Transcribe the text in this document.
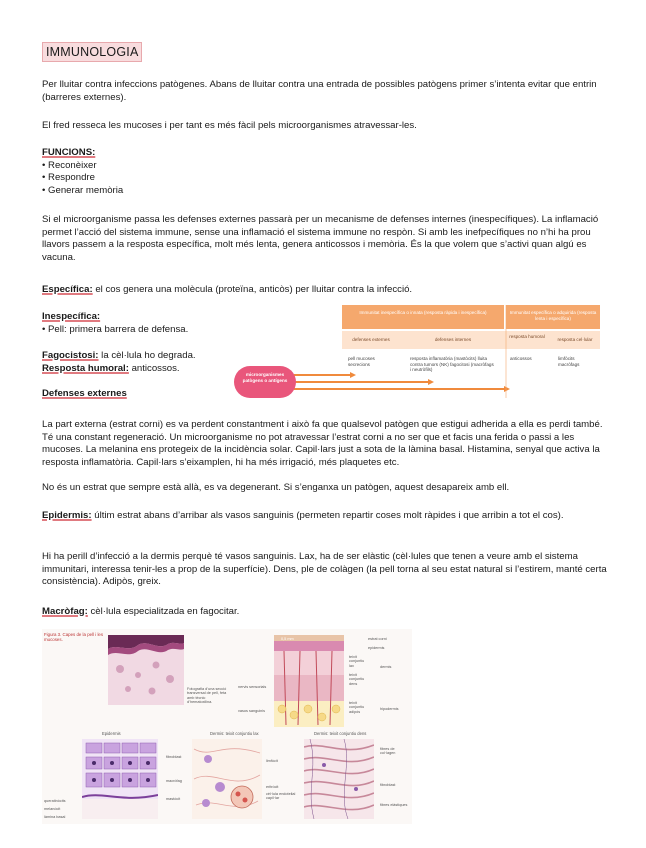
IMMUNOLOGIA

Per lluitar contra infeccions patògenes. Abans de lluitar contra una entrada de possibles patògens primer s’intenta evitar que entrin (barreres externes).

El fred resseca les mucoses i per tant es més fàcil pels microorganismes atravessar-les.

FUNCIONS:
• Reconèixer
• Respondre
• Generar memòria

Si el microorganisme passa les defenses externes passarà per un mecanisme de defenses internes (inespecífiques). La inflamació permet l’acció del sistema immune, sense una inflamació el sistema immune no respòn. Si amb les inefpecífiques no n’hi ha prou llavors passem a la resposta específica, molt més lenta, genera anticossos i memòria. És la que volem que s’activi quan algú es vacuna.

Específica: el cos genera una molècula (proteïna, anticòs) per lluitar contra la infecció.

Inespecífica:
• Pell: primera barrera de defensa.
Fagocistosi: la cèl·lula ho degrada.
Resposta humoral: anticossos.
Defenses externes
Immunitat inespecífica o innata (resposta ràpida i inespecífica)	Immunitat específica o adquirida (resposta lenta i específica)
defenses externes	defenses internes
resposta humoral
resposta cel·lular
pell mucoses secrecions
resposta inflamatòria (mastòcits) lluita contra tumors (NK) fagocitosi (macròfags i neutròfils)
anticossos	limfòcits macròfags
microorganismes patògens o antígens

La part externa (estrat corni) es va perdent constantment i això fa que qualsevol patògen que estigui adherida a ella es perdi també. Té una constant regeneració. Un microorganisme no pot atravessar l’estrat corni a no ser que et facis una ferida o passi a les mucoses. La melanina ens protegeix de la incidència solar. Capil·lars just a sota de la làmina basal. Histamina, senyal que activa la resposta inflamatòria. Capil·lars s’eixamplen, hi ha més irrigació, més plaquetes etc.

No és un estrat que sempre està allà, es va degenerant. Si s’enganxa un patògen, aquest desapareix amb ell.

Epidermis: últim estrat abans d’arribar als vasos sanguinis (permeten repartir coses molt ràpides i que arribin a tot el cos).

Hi ha perill d’infecció a la dermis perquè té vasos sanguinis. Lax, ha de ser elàstic (cèl·lules que tenen a veure amb el sistema immunitari, interessa tenir-les a prop de la superfície). Dens, ple de colàgen (la pell torna al seu estat natural si l’estirem, manté certa consistència). Adipòs, greix.

Macròfag: cèl·lula especialitzada en fagocitar.

Figura 3. Capes de la pell i les mucoses.
Fotografia d’una secció transversal de pell, feta amb tècnic d’hematoxilina.
0,5 mm	estrat corni
epidermis
teixit conjuntiu lax
teixit conjuntiu dens
teixit conjuntiu adipós
dermis
hipodermis
nervis sensorials
vasos sanguinis
Epidermis	Dermis: teixit conjuntiu lax	Dermis: teixit conjuntiu dens
queratinòcits
melanòcit
làmina basal
fibroblast
macròfag
mastòcit
limfòcit
eritròcit
cèl·lula endotelial capil·lar
fibres de col·lagen
fibroblast
fibres elàstiques
